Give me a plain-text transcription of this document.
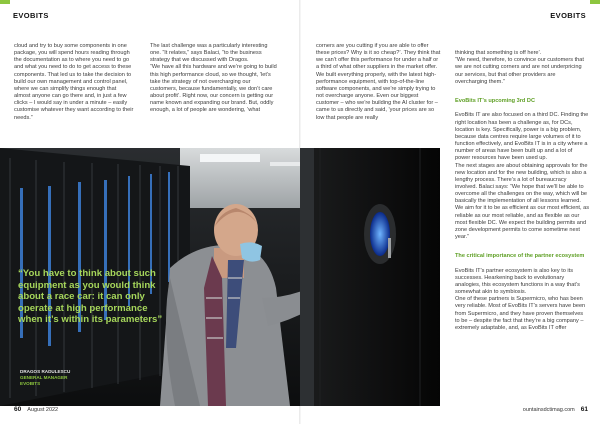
EVOBITS	EVOBITS
cloud and try to buy some components in one package, you will spend hours reading through the documentation as to where you need to go and what you need to do to get access to these components. That led us to take the decision to build our own management and control panel, where we can simplify things enough that almost anyone can go there and, in just a few clicks – I would say in under a minute – easily customise whatever they want according to their needs.”
The last challenge was a particularly interesting one. “It relates,” says Balaci, “to the business strategy that we discussed with Dragos.
“We have all this hardware and we’re going to build this high performance cloud, so we thought, ‘let’s take the strategy of not overcharging our customers, because fundamentally, we don’t care about profit’. Right now, our concern is getting our name known and expanding our brand. But, oddly enough, a lot of people are wondering, ‘what
corners are you cutting if you are able to offer these prices? Why is it so cheap?’. They think that we can’t offer this performance for under a half or a third of what other suppliers in the market offer. We built everything properly, with the latest high-performance equipment, with top-of-the-line software components, and we’re simply trying to not overcharge anyone. Even our biggest customer – who we’re building the AI cluster for – came to us directly and said, ‘your prices are so low that people are really

thinking that something is off here’.
“We need, therefore, to convince our customers that we are not cutting corners and are not underpricing our services, but that other providers are overcharging them.”

EvoBits IT’s upcoming 3rd DC

EvoBits IT are also focused on a third DC. Finding the right location has been a challenge as, for DCs, location is key. Specifically, power is a big problem, because data centres require large volumes of it to function effectively, and EvoBits IT is in a city where a number of areas have been built up and a lot of power resources have been used up.
The next stages are about obtaining approvals for the new location and for the new building, which is also a lengthy process. There’s a lot of bureaucracy involved. Balaci says: “We hope that we’ll be able to overcome all the challenges on the way, which will be basically the implementation of all lessons learned. We aim for it to be as efficient as our most efficient, as reliable as our most reliable, and as flexible as our most flexible DC. We expect the building permits and zone development permits to come sometime next year.”

The critical importance of the partner ecosystem

EvoBits IT’s partner ecosystem is also key to its successes. Hearkening back to evolutionary analogies, this ecosystem functions in a way that’s somewhat akin to symbiosis.
One of these partners is Supermicro, who has been very reliable. Most of EvoBits IT’s servers have been from Supermicro, and they have proven themselves to be – despite the fact that they’re a big company – extremely adaptable, and, as EvoBits IT offer

“You have to think about such equipment as you would think about a race car: it can only operate at high performance when it’s within its parameters”
DRAGOS RADULESCU
GENERAL MANAGER
EVOBITS
60 August 2022	ountainsdctimag.com 61
